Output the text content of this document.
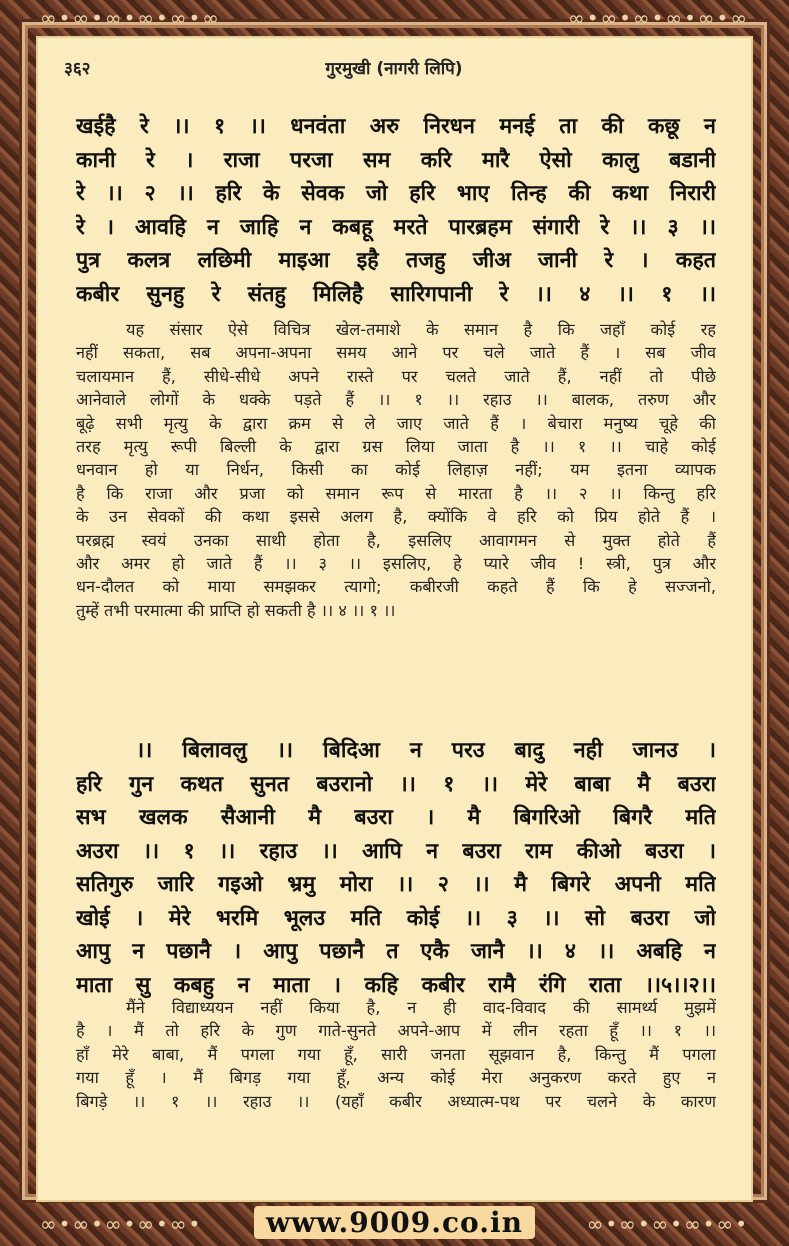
∞•∞•∞•∞•∞•∞	∞•∞•∞•∞•∞•∞
३६२	गुरमुखी (नागरी लिपि)
खईहै रे ।। १ ।। धनवंता अरु निरधन मनई ता की कछू न
कानी रे । राजा परजा सम करि मारै ऐसो कालु बडानी
रे ।। २ ।। हरि के सेवक जो हरि भाए तिन्ह की कथा निरारी
रे । आवहि न जाहि न कबहू मरते पारब्रहम संगारी रे ।। ३ ।।
पुत्र कलत्र लछिमी माइआ इहै तजहु जीअ जानी रे । कहत
कबीर सुनहु रे संतहु मिलिहै सारिगपानी रे ।। ४ ।। १ ।।
यह संसार ऐसे विचित्र खेल-तमाशे के समान है कि जहाँ कोई रह
नहीं सकता, सब अपना-अपना समय आने पर चले जाते हैं । सब जीव
चलायमान हैं, सीधे-सीधे अपने रास्ते पर चलते जाते हैं, नहीं तो पीछे
आनेवाले लोगों के धक्के पड़ते हैं ।। १ ।। रहाउ ।। बालक, तरुण और
बूढ़े सभी मृत्यु के द्वारा क्रम से ले जाए जाते हैं । बेचारा मनुष्य चूहे की
तरह मृत्यु रूपी बिल्ली के द्वारा ग्रस लिया जाता है ।। १ ।। चाहे कोई
धनवान हो या निर्धन, किसी का कोई लिहाज़ नहीं; यम इतना व्यापक
है कि राजा और प्रजा को समान रूप से मारता है ।। २ ।। किन्तु हरि
के उन सेवकों की कथा इससे अलग है, क्योंकि वे हरि को प्रिय होते हैं ।
परब्रह्म स्वयं उनका साथी होता है, इसलिए आवागमन से मुक्त होते हैं
और अमर हो जाते हैं ।। ३ ।। इसलिए, हे प्यारे जीव ! स्त्री, पुत्र और
धन-दौलत को माया समझकर त्यागो; कबीरजी कहते हैं कि हे सज्जनो,
तुम्हें तभी परमात्मा की प्राप्ति हो सकती है ।। ४ ।। १ ।।
।। बिलावलु ।। बिदिआ न परउ बादु नही जानउ ।
हरि गुन कथत सुनत बउरानो ।। १ ।। मेरे बाबा मै बउरा
सभ खलक सैआनी मै बउरा । मै बिगरिओ बिगरै मति
अउरा ।। १ ।। रहाउ ।। आपि न बउरा राम कीओ बउरा ।
सतिगुरु जारि गइओ भ्रमु मोरा ।। २ ।। मै बिगरे अपनी मति
खोई । मेरे भरमि भूलउ मति कोई ।। ३ ।। सो बउरा जो
आपु न पछानै । आपु पछानै त एकै जानै ।। ४ ।। अबहि न
माता सु कबहु न माता । कहि कबीर रामै रंगि राता ।।५।।२।।
मैंने विद्याध्ययन नहीं किया है, न ही वाद-विवाद की सामर्थ्य मुझमें
है । मैं तो हरि के गुण गाते-सुनते अपने-आप में लीन रहता हूँ ।। १ ।।
हाँ मेरे बाबा, मैं पगला गया हूँ, सारी जनता सूझवान है, किन्तु मैं पगला
गया हूँ । मैं बिगड़ गया हूँ, अन्य कोई मेरा अनुकरण करते हुए न
बिगड़े ।। १ ।। रहाउ ।। (यहाँ कबीर अध्यात्म-पथ पर चलने के कारण
∞•∞•∞•∞•∞•	∞•∞•∞•∞•∞•
www.9009.co.in
